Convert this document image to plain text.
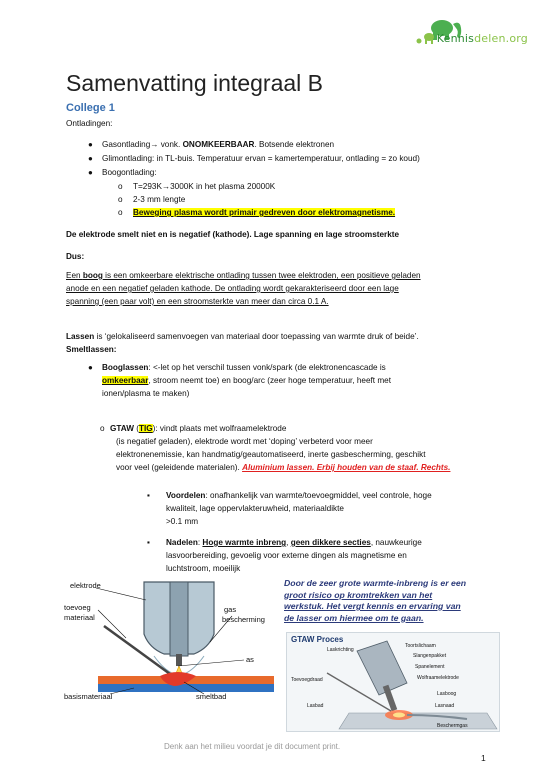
Kennisdelen.org
Samenvatting integraal B
College 1
Ontladingen:
● Gasontlading→ vonk. ONOMKEERBAAR. Botsende elektronen
● Glimontlading: in TL-buis. Temperatuur ervan = kamertemperatuur, ontlading = zo koud)
● Boogontlading:
o T=293K→3000K in het plasma 20000K
o 2-3 mm lengte
o Beweging plasma wordt primair gedreven door elektromagnetisme.
De elektrode smelt niet en is negatief (kathode). Lage spanning en lage stroomsterkte
Dus:
Een boog is een omkeerbare elektrische ontlading tussen twee elektroden, een positieve geladen
anode en een negatief geladen kathode. De ontlading wordt gekarakteriseerd door een lage
spanning (een paar volt) en een stroomsterkte van meer dan circa 0.1 A.
Lassen is ‘gelokaliseerd samenvoegen van materiaal door toepassing van warmte druk of beide’.
Smeltlassen:
● Booglassen: <-let op het verschil tussen vonk/spark (de elektronencascade is
omkeerbaar, stroom neemt toe) en boog/arc (zeer hoge temperatuur, heeft met
ionen/plasma te maken)
o GTAW (TIG): vindt plaats met wolfraamelektrode
(is negatief geladen), elektrode wordt met ‘doping’ verbeterd voor meer
elektronenemissie, kan handmatig/geautomatiseerd, inerte gasbescherming, geschikt
voor veel (geleidende materialen). Aluminium lassen. Erbij houden van de staaf. Rechts.
▪ Voordelen: onafhankelijk van warmte/toevoegmiddel, veel controle, hoge
kwaliteit, lage oppervlakteruwheid, materiaaldikte
>0.1 mm
▪ Nadelen: Hoge warmte inbreng, geen dikkere secties, nauwkeurige
lasvoorbereiding, gevoelig voor externe dingen als magnetisme en
luchtstroom, moeilijk
Door de zeer grote warmte-inbreng is er een
groot risico op kromtrekken van het
werkstuk. Het vergt kennis en ervaring van
de lasser om hiermee om te gaan.
elektrode
toevoeg
materiaal
gas
bescherming
as
basismateriaal	smeltbad
GTAW Proces
Laskrichting
Toortslichaam
Slangenpakket
Spanelement
Wolfraamelektrode
Toevoegdraad
Lasbad	Lasnaad
Beschermgas
Lasboog
Denk aan het milieu voordat je dit document print.
1
